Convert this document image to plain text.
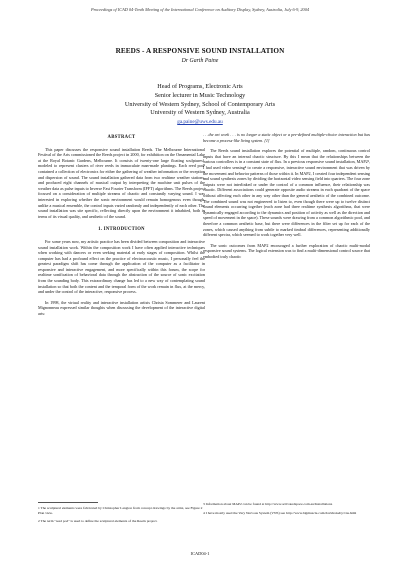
Proceedings of ICAD 04-Tenth Meeting of the International Conference on Auditory Display, Sydney, Australia, July 6-9, 2004
REEDS - A RESPONSIVE SOUND INSTALLATION
Dr Garth Paine
Head of Programs, Electronic Arts
Senior lecturer in Music Technology
University of Western Sydney, School of Contemporary Arts
University of Western Sydney, Australia
ga.paine@uws.edu.au
ABSTRACT

This paper discusses the responsive sound installation Reeds. The Melbourne International Festival of the Arts commissioned the Reeds project in 2000, for exhibition on the Ornamental Lake at the Royal Botanic Gardens, Melbourne. It consists of twenty-one large floating sculptures¹, modeled to represent clusters of river reeds in immaculate man-made plantings. Each reed pod² contained a collection of electronics for either the gathering of weather information or the reception and dispersion of sound. The sound installation gathered data from two realtime weather stations, and produced eight channels of musical output by interpreting the machine unit pulses of the weather data as pulse inputs to Inverse Fast Fourier Transform (IFFT) algorithms. The Reeds project focused on a consideration of multiple streams of chaotic and constantly varying sound. I was interested in exploring whether the sonic environment would remain homogenous even though, unlike a musical ensemble, the control inputs varied randomly and independently of each other. The sound installation was site specific, reflecting directly upon the environment it inhabited, both in terms of its visual quality, and aesthetic of the sound.

1. INTRODUCTION

For some years now, my artistic practice has been divided between composition and interactive sound installation work. Within the composition work I have often applied interactive techniques when working with dancers or even seeking material at early stages of composition. Whilst the computer has had a profound effect on the practice of electroacoustic music, I personally feel the greatest paradigm shift has come through the application of the computer as a facilitator in responsive and interactive engagement, and more specifically within this forum, the scope for realtime sonification of behavioral data through the abstraction of the source of sonic excitation from the sounding body. This extraordinary change has led to a new way of contemplating sound installation so that both the content and the temporal form of the work remain in flux, at the mercy, and under the control of the interactive, responsive process.

In 1998, the virtual reality and interactive installation artists Christa Sommerer and Laurent Mignonneau expressed similar thoughts when discussing the development of the interactive digital arts:

. . .the art work . . . is no longer a static object or a pre-defined multiple-choice interaction but has become a process-like living system. [1]

The Reeds sound installation explores the potential of multiple, random, continuous control inputs that have an internal chaotic structure. By this I mean that the relationships between the various controllers is in a constant state of flux. In a previous responsive sound installation, MAP2³, I had used video sensing⁴ to create a responsive, interactive sound environment that was driven by the movement and behavior patterns of those within it. In MAP2, I created four independent sensing and sound synthesis zones by dividing the horizontal video sensing field into quarters. The four zone outputs were not interlinked or under the control of a common influence, their relationship was chaotic. Different associations could generate opposite audio streams in each quadrant of the space without affecting each other in any way other than the general aesthetic of the combined outcome. The combined sound was not engineered to listen to, even though there were up to twelve distinct sound elements occurring together (each zone had three realtime synthesis algorithms, that were dynamically engaged according to the dynamics and position of activity as well as the direction and speed of movement in the space). These sounds were drawing from a common algorithmic pool, and therefore a common aesthetic base, but there were differences in the filter set up for each of the zones, which caused anything from subtle to marked timbral differences, representing additionally different spectra, which seemed to work together very well.

The sonic outcomes from MAP2 encouraged a further exploration of chaotic multi-modal responsive sound systems. The logical extension was to find a multi-dimensional control source that embodied truly chaotic

1 The sculptural elements were fabricated by Christopher Langton from concept drawings by the artist, see Figure 2 Plan view.
2 The term "reed pod" is used to define the sculptural elements of the Reeds project.
3 Information about MAP2 can be found at http://www.activatedspace.com.au/Installations
4 I have mostly used the Very Nervous System (VNS) see http://www.bigmuscle.com/davidrokeby/vns.html
ICAD04-1
